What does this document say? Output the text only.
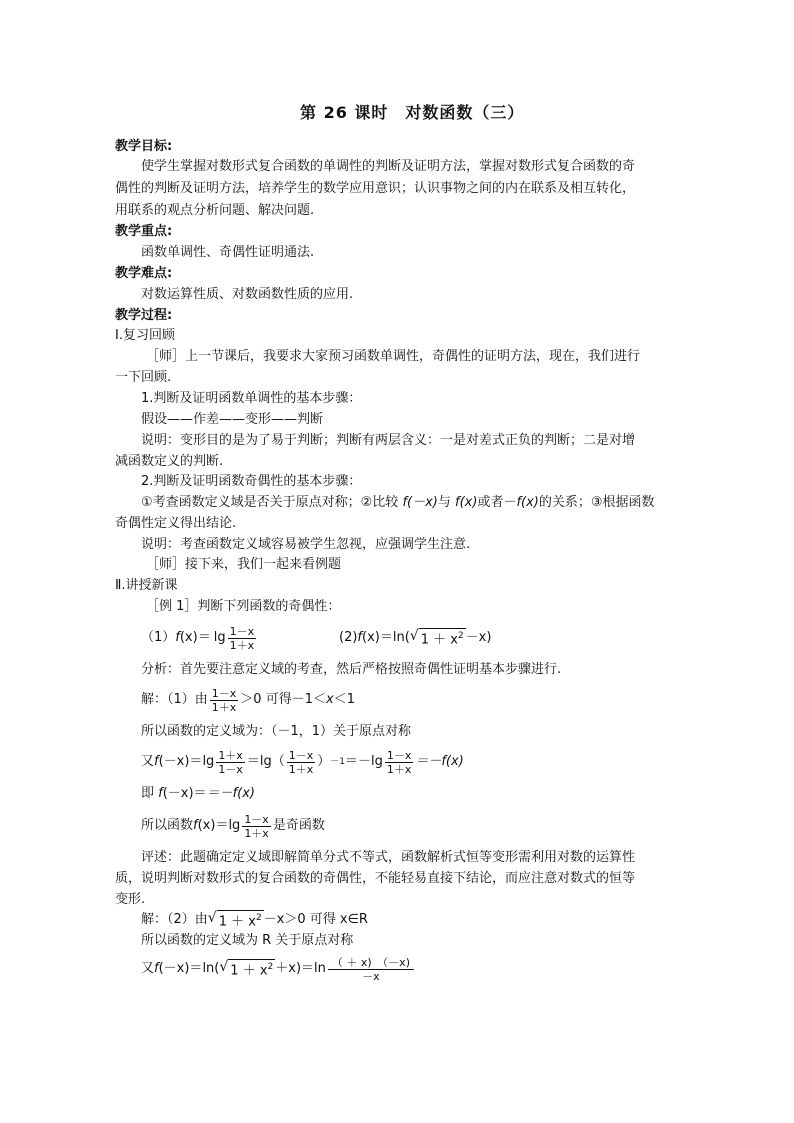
第 26 课时　对数函数（三）
教学目标:
使学生掌握对数形式复合函数的单调性的判断及证明方法，掌握对数形式复合函数的奇
偶性的判断及证明方法，培养学生的数学应用意识；认识事物之间的内在联系及相互转化，
用联系的观点分析问题、解决问题.
教学重点:
函数单调性、奇偶性证明通法.
教学难点:
对数运算性质、对数函数性质的应用.
教学过程:
Ⅰ.复习回顾
［师］上一节课后，我要求大家预习函数单调性，奇偶性的证明方法，现在，我们进行
一下回顾.
1.判断及证明函数单调性的基本步骤：
假设——作差——变形——判断
说明：变形目的是为了易于判断；判断有两层含义：一是对差式正负的判断；二是对增
减函数定义的判断.
2.判断及证明函数奇偶性的基本步骤：
①考查函数定义域是否关于原点对称；②比较 f(－x)与 f(x)或者－f(x)的关系；③根据函数
奇偶性定义得出结论.
说明：考查函数定义域容易被学生忽视，应强调学生注意.
［师］接下来，我们一起来看例题
Ⅱ.讲授新课
［例 1］判断下列函数的奇偶性：
（1） f $(x)= \lg \frac{1-x}{1+x}$	(2) f (x)＝ ln( √ $1 + x^2 -x$)
分析：首先要注意定义域的考查，然后严格按照奇偶性证明基本步骤进行.
解：（1）由 $\frac{1-x}{1+x} >0$ 可得－1＜ x ＜1
所以函数的定义域为：（－1，1）关于原点对称
又 f $(-x)= \lg \frac{1+x}{1-x} =\lg( \frac{1-x}{1+x}$ ） $-1 =-\lg \frac{1-x}{1+x} =-f(x)$
即 f(－x)＝＝－f(x)
所以函数 f $(x)= \lg \frac{1-x}{1+x}$ 是奇函数
评述：此题确定定义域即解简单分式不等式，函数解析式恒等变形需利用对数的运算性
质，说明判断对数形式的复合函数的奇偶性，不能轻易直接下结论，而应注意对数式的恒等
变形.
解：（2）由 √ $1 + x^2 -x>0$ 可得 x∈R
所以函数的定义域为 R 关于原点对称
又 f (－x)＝ ln( √ $1 + x^2 +x)=\ln \frac{( + x) (-x)}{-x}$
